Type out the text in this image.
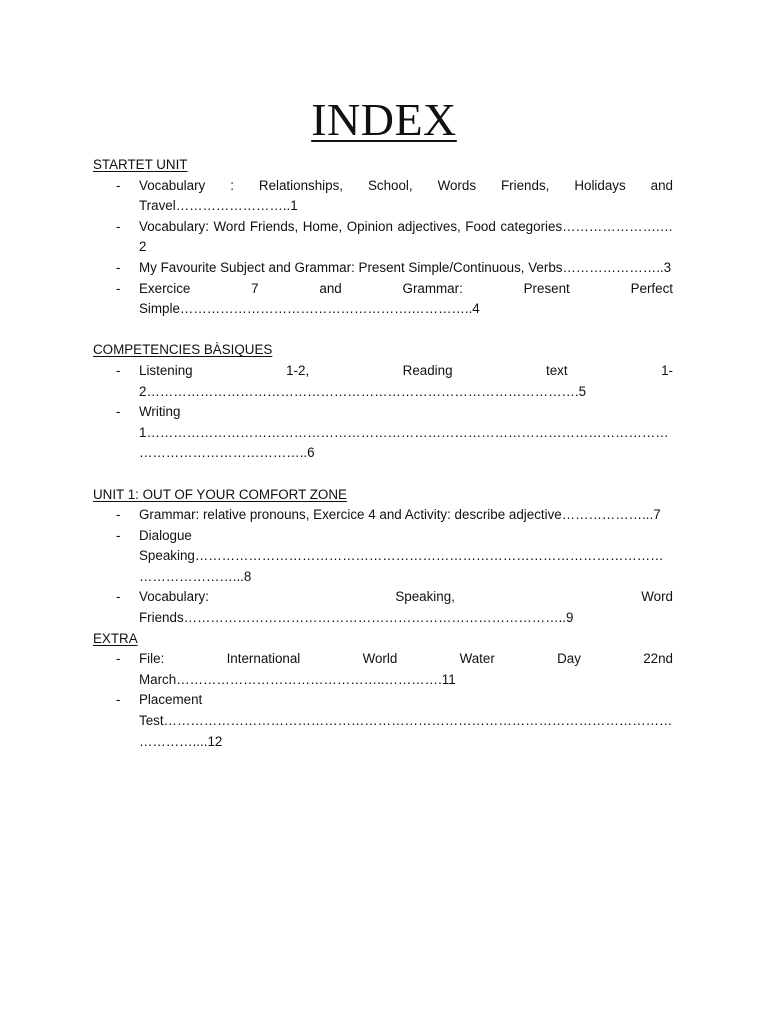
INDEX
STARTET UNIT
- Vocabulary : Relationships, School, Words Friends, Holidays and Travel……………………..1
- Vocabulary: Word Friends, Home, Opinion adjectives, Food categories………………….…2
- My Favourite Subject and Grammar: Present Simple/Continuous, Verbs…………………..3
- Exercice 7 and Grammar: Present Perfect Simple…………………………………………….…………..4
COMPETENCIES BÀSIQUES
- Listening 1-2, Reading text 1-2…………………………………………………………………………………….5
- Writing 1………………………………………………………………………………………………………………………………………..6
UNIT 1: OUT OF YOUR COMFORT ZONE
- Grammar: relative pronouns, Exercice 4 and Activity: describe adjective………………...7
- Dialogue Speaking………………………………………………………………………………………………………………...8
- Vocabulary: Speaking, Word Friends…………………………………………………………………………..9
EXTRA
- File: International World Water Day 22nd March………………………………………..………….11
- Placement Test………………………………………………………………………………………………………………....12
